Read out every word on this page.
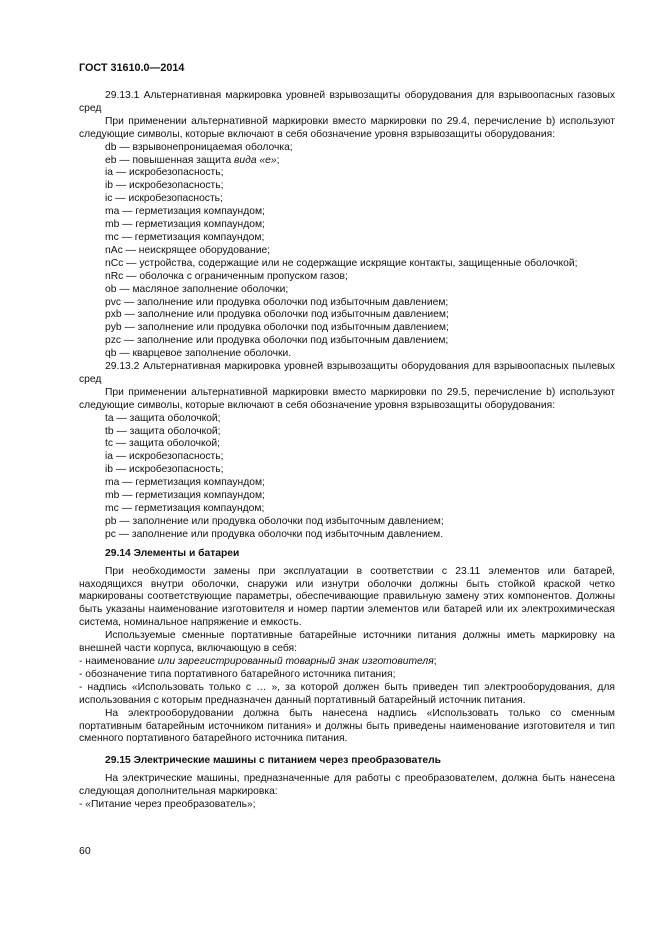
ГОСТ 31610.0—2014

29.13.1 Альтернативная маркировка уровней взрывозащиты оборудования для взрывоопасных газовых сред

При применении альтернативной маркировки вместо маркировки по 29.4, перечисление b) используют следующие символы, которые включают в себя обозначение уровня взрывозащиты оборудования:

db — взрывонепроницаемая оболочка;

eb — повышенная защита вида «е»;

ia — искробезопасность;

ib — искробезопасность;

ic — искробезопасность;

ma — герметизация компаундом;

mb — герметизация компаундом;

mc — герметизация компаундом;

nAc — неискрящее оборудование;

nCc — устройства, содержащие или не содержащие искрящие контакты, защищенные оболочкой;

nRc — оболочка с ограниченным пропуском газов;

ob — масляное заполнение оболочки;

pvc — заполнение или продувка оболочки под избыточным давлением;

pxb — заполнение или продувка оболочки под избыточным давлением;

pyb — заполнение или продувка оболочки под избыточным давлением;

pzc — заполнение или продувка оболочки под избыточным давлением;

qb — кварцевое заполнение оболочки.

29.13.2 Альтернативная маркировка уровней взрывозащиты оборудования для взрывоопасных пылевых сред

При применении альтернативной маркировки вместо маркировки по 29.5, перечисление b) используют следующие символы, которые включают в себя обозначение уровня взрывозащиты оборудования:

ta — защита оболочкой;

tb — защита оболочкой;

tc — защита оболочкой;

ia — искробезопасность;

ib — искробезопасность;

ma — герметизация компаундом;

mb — герметизация компаундом;

mc — герметизация компаундом;

pb — заполнение или продувка оболочки под избыточным давлением;

pc — заполнение или продувка оболочки под избыточным давлением.

29.14 Элементы и батареи

При необходимости замены при эксплуатации в соответствии с 23.11 элементов или батарей, находящихся внутри оболочки, снаружи или изнутри оболочки должны быть стойкой краской четко маркированы соответствующие параметры, обеспечивающие правильную замену этих компонентов. Должны быть указаны наименование изготовителя и номер партии элементов или батарей или их электрохимическая система, номинальное напряжение и емкость.

Используемые сменные портативные батарейные источники питания должны иметь маркировку на внешней части корпуса, включающую в себя:

- наименование или зарегистрированный товарный знак изготовителя;

- обозначение типа портативного батарейного источника питания;

- надпись «Использовать только с … », за которой должен быть приведен тип электрооборудования, для использования с которым предназначен данный портативный батарейный источник питания.

На электрооборудовании должна быть нанесена надпись «Использовать только со сменным портативным батарейным источником питания» и должны быть приведены наименование изготовителя и тип сменного портативного батарейного источника питания.

29.15 Электрические машины с питанием через преобразователь

На электрические машины, предназначенные для работы с преобразователем, должна быть нанесена следующая дополнительная маркировка:

- «Питание через преобразователь»;

60
